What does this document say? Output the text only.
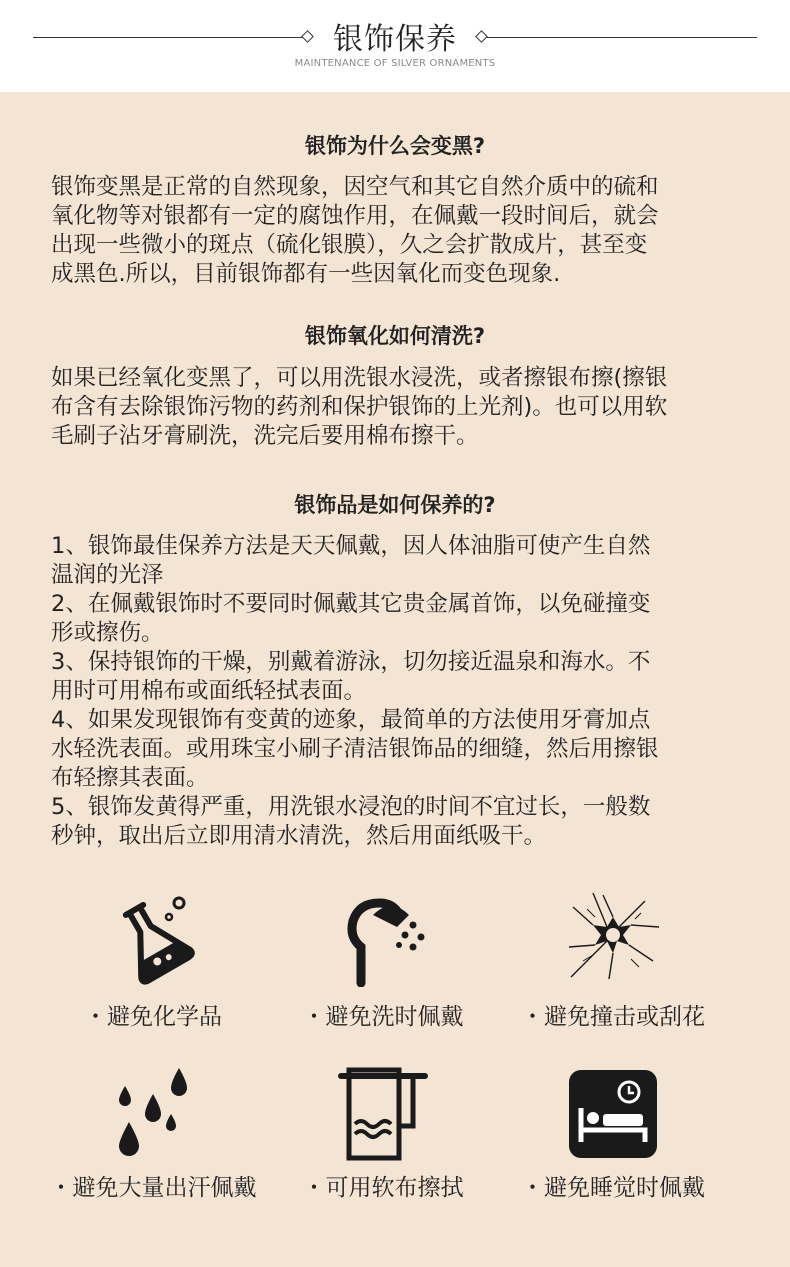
银饰保养
MAINTENANCE OF SILVER ORNAMENTS
银饰为什么会变黑?

银饰变黑是正常的自然现象，因空气和其它自然介质中的硫和

氧化物等对银都有一定的腐蚀作用，在佩戴一段时间后，就会

出现一些微小的斑点（硫化银膜），久之会扩散成片，甚至变

成黑色.所以，目前银饰都有一些因氧化而变色现象.

银饰氧化如何清洗?

如果已经氧化变黑了，可以用洗银水浸洗，或者擦银布擦(擦银

布含有去除银饰污物的药剂和保护银饰的上光剂)。也可以用软

毛刷子沾牙膏刷洗，洗完后要用棉布擦干。

银饰品是如何保养的?

1、银饰最佳保养方法是天天佩戴，因人体油脂可使产生自然

温润的光泽

2、在佩戴银饰时不要同时佩戴其它贵金属首饰，以免碰撞变

形或擦伤。

3、保持银饰的干燥，别戴着游泳，切勿接近温泉和海水。不

用时可用棉布或面纸轻拭表面。

4、如果发现银饰有变黄的迹象，最简单的方法使用牙膏加点

水轻洗表面。或用珠宝小刷子清洁银饰品的细缝，然后用擦银

布轻擦其表面。

5、银饰发黄得严重，用洗银水浸泡的时间不宜过长，一般数

秒钟，取出后立即用清水清洗，然后用面纸吸干。

・避免化学品	・避免洗时佩戴	・避免撞击或刮花
・避免大量出汗佩戴	・可用软布擦拭	・避免睡觉时佩戴
